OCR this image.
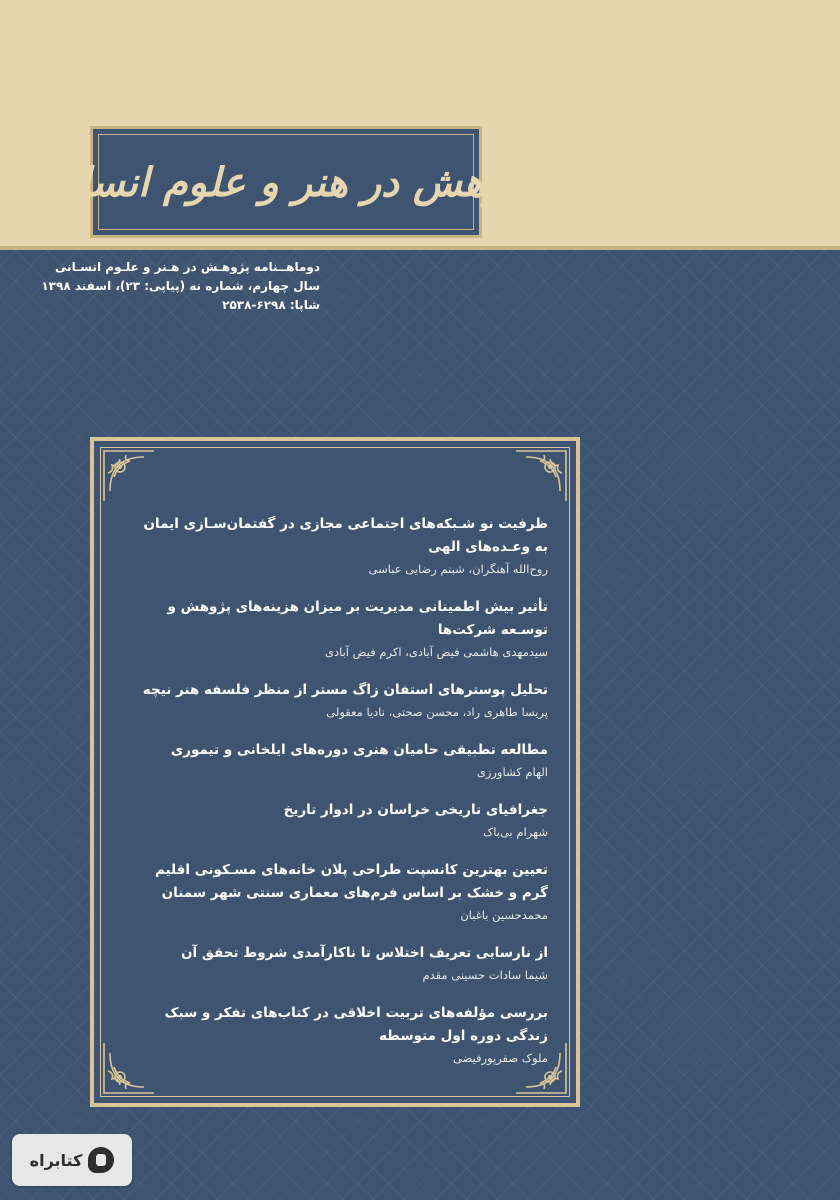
پژوهش در هنر و علوم انسانی
دوماهــنامه پژوهـش در هـنر و علـوم انسـانی
سال چهارم، شماره نه (پیاپی: ۲۳)، اسفند ۱۳۹۸
شاپا: ۶۲۹۸-۲۵۳۸
ظرفیت نو شـبکه‌های اجتماعی مجازی در گفتمان‌سـازی ایمان به وعـده‌های الهی
روح‌الله آهنگران، شبنم رضایی عباسی
تأثیر بیش اطمینانی مدیریت بر میزان هزینه‌های پژوهش و توسـعه شرکت‌ها
سیدمهدی هاشمی فیض آبادی، اکرم فیض آبادی
تحلیل پوسترهای استفان زاگ مستر از منظر فلسفه هنر نیچه
پریسا طاهری راد، محسن صحتی، نادیا معقولی
مطالعه تطبیقی حامیان هنری دوره‌های ایلخانی و تیموری
الهام کشاورزی
جغرافیای تاریخی خراسان در ادوار تاریخ
شهرام بی‌باک
تعیین بهترین کانسپت طراحی پلان خانه‌های مسـکونی اقلیم گرم و خشک بر اساس فرم‌های معماری سنتی شهر سمنان
محمدحسین باغبان
از نارسایی تعریف اختلاس تا ناکارآمدی شروط تحقق آن
شیما سادات حسینی مقدم
بررسی مؤلفه‌های تربیت اخلاقی در کتاب‌های تفکر و سبک زندگی دوره اول متوسطه
ملوک صفرپورفیضی
کتابراه
